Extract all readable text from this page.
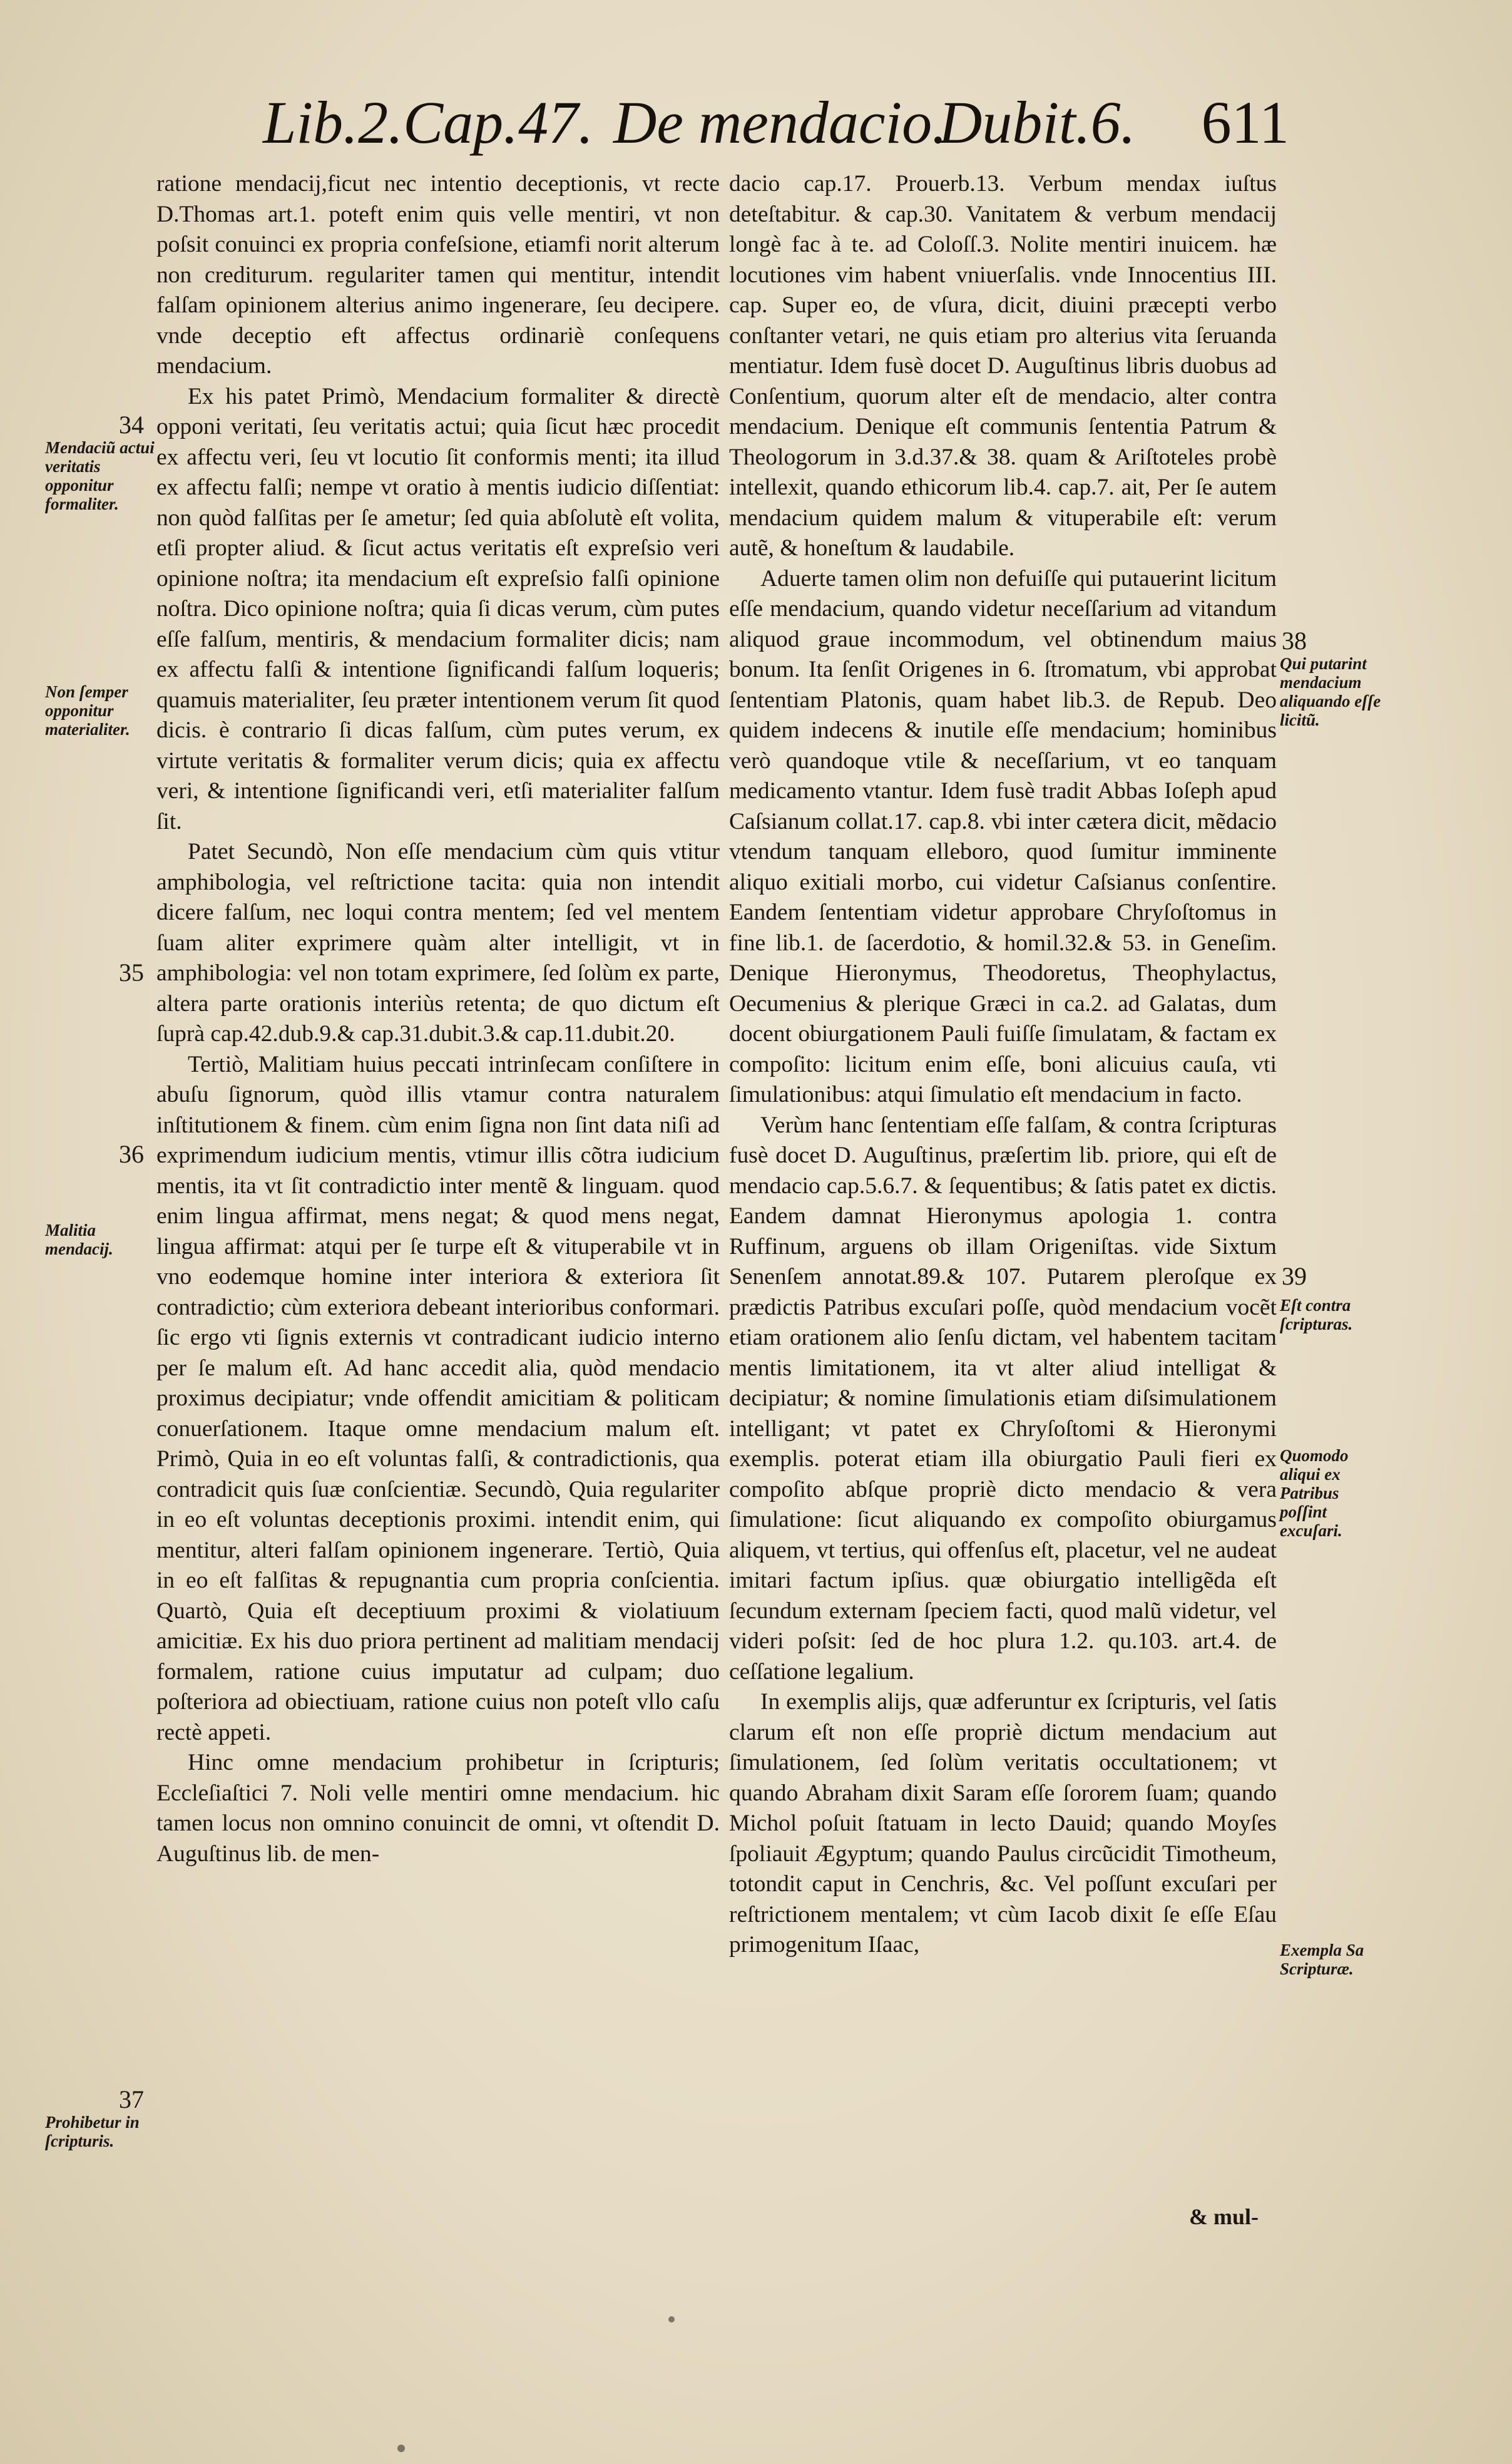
Lib.2.Cap.47. De mendacio.
Dubit.6. 611

ratione mendacij,ficut nec intentio deceptionis, vt recte D.Thomas art.1. poteft enim quis velle mentiri, vt non poſsit conuinci ex propria confeſsione, etiamfi norit alterum non crediturum. regulariter tamen qui mentitur, intendit falſam opinionem alterius animo ingenerare, ſeu decipere. vnde deceptio eft affectus ordinariè conſequens mendacium.

Ex his patet Primò, Mendacium formaliter & directè opponi veritati, ſeu veritatis actui; quia ſicut hæc procedit ex affectu veri, ſeu vt locutio ſit conformis menti; ita illud ex affectu falſi; nempe vt oratio à mentis iudicio diſſentiat: non quòd falſitas per ſe ametur; ſed quia abſolutè eſt volita, etſi propter aliud. & ſicut actus veritatis eſt expreſsio veri opinione noſtra; ita mendacium eſt expreſsio falſi opinione noſtra. Dico opinione noſtra; quia ſi dicas verum, cùm putes eſſe falſum, mentiris, & mendacium formaliter dicis; nam ex affectu falſi & intentione ſignificandi falſum loqueris; quamuis materialiter, ſeu præter intentionem verum ſit quod dicis. è contrario ſi dicas falſum, cùm putes verum, ex virtute veritatis & formaliter verum dicis; quia ex affectu veri, & intentione ſignificandi veri, etſi materialiter falſum ſit.

Patet Secundò, Non eſſe mendacium cùm quis vtitur amphibologia, vel reſtrictione tacita: quia non intendit dicere falſum, nec loqui contra mentem; ſed vel mentem ſuam aliter exprimere quàm alter intelligit, vt in amphibologia: vel non totam exprimere, ſed ſolùm ex parte, altera parte orationis interiùs retenta; de quo dictum eſt ſuprà cap.42.dub.9.& cap.31.dubit.3.& cap.11.dubit.20.

Tertiò, Malitiam huius peccati intrinſecam conſiſtere in abuſu ſignorum, quòd illis vtamur contra naturalem inſtitutionem & finem. cùm enim ſigna non ſint data niſi ad exprimendum iudicium mentis, vtimur illis cõtra iudicium mentis, ita vt ſit contradictio inter mentẽ & linguam. quod enim lingua affirmat, mens negat; & quod mens negat, lingua affirmat: atqui per ſe turpe eſt & vituperabile vt in vno eodemque homine inter interiora & exteriora ſit contradictio; cùm exteriora debeant interioribus conformari. ſic ergo vti ſignis externis vt contradicant iudicio interno per ſe malum eſt. Ad hanc accedit alia, quòd mendacio proximus decipiatur; vnde offendit amicitiam & politicam conuerſationem. Itaque omne mendacium malum eſt. Primò, Quia in eo eſt voluntas falſi, & contradictionis, qua contradicit quis ſuæ conſcientiæ. Secundò, Quia regulariter in eo eſt voluntas deceptionis proximi. intendit enim, qui mentitur, alteri falſam opinionem ingenerare. Tertiò, Quia in eo eſt falſitas & repugnantia cum propria conſcientia. Quartò, Quia eſt deceptiuum proximi & violatiuum amicitiæ. Ex his duo priora pertinent ad malitiam mendacij formalem, ratione cuius imputatur ad culpam; duo poſteriora ad obiectiuam, ratione cuius non poteſt vllo caſu rectè appeti.

Hinc omne mendacium prohibetur in ſcripturis; Eccleſiaſtici 7. Noli velle mentiri omne mendacium. hic tamen locus non omnino conuincit de omni, vt oſtendit D. Auguſtinus lib. de men-

dacio cap.17. Prouerb.13. Verbum mendax iuſtus deteſtabitur. & cap.30. Vanitatem & verbum mendacij longè fac à te. ad Coloſſ.3. Nolite mentiri inuicem. hæ locutiones vim habent vniuerſalis. vnde Innocentius III. cap. Super eo, de vſura, dicit, diuini præcepti verbo conſtanter vetari, ne quis etiam pro alterius vita ſeruanda mentiatur. Idem fusè docet D. Auguſtinus libris duobus ad Conſentium, quorum alter eſt de mendacio, alter contra mendacium. Denique eſt communis ſententia Patrum & Theologorum in 3.d.37.& 38. quam & Ariſtoteles probè intellexit, quando ethicorum lib.4. cap.7. ait, Per ſe autem mendacium quidem malum & vituperabile eſt: verum autẽ, & honeſtum & laudabile.

Aduerte tamen olim non defuiſſe qui putauerint licitum eſſe mendacium, quando videtur neceſſarium ad vitandum aliquod graue incommodum, vel obtinendum maius bonum. Ita ſenſit Origenes in 6. ſtromatum, vbi approbat ſententiam Platonis, quam habet lib.3. de Repub. Deo quidem indecens & inutile eſſe mendacium; hominibus verò quandoque vtile & neceſſarium, vt eo tanquam medicamento vtantur. Idem fusè tradit Abbas Ioſeph apud Caſsianum collat.17. cap.8. vbi inter cætera dicit, mẽdacio vtendum tanquam elleboro, quod ſumitur imminente aliquo exitiali morbo, cui videtur Caſsianus conſentire. Eandem ſententiam videtur approbare Chryſoſtomus in fine lib.1. de ſacerdotio, & homil.32.& 53. in Geneſim. Denique Hieronymus, Theodoretus, Theophylactus, Oecumenius & plerique Græci in ca.2. ad Galatas, dum docent obiurgationem Pauli fuiſſe ſimulatam, & factam ex compoſito: licitum enim eſſe, boni alicuius cauſa, vti ſimulationibus: atqui ſimulatio eſt mendacium in facto.

Verùm hanc ſententiam eſſe falſam, & contra ſcripturas fusè docet D. Auguſtinus, præſertim lib. priore, qui eſt de mendacio cap.5.6.7. & ſequentibus; & ſatis patet ex dictis. Eandem damnat Hieronymus apologia 1. contra Ruffinum, arguens ob illam Origeniſtas. vide Sixtum Senenſem annotat.89.& 107. Putarem pleroſque ex prædictis Patribus excuſari poſſe, quòd mendacium vocẽt etiam orationem alio ſenſu dictam, vel habentem tacitam mentis limitationem, ita vt alter aliud intelligat & decipiatur; & nomine ſimulationis etiam diſsimulationem intelligant; vt patet ex Chryſoſtomi & Hieronymi exemplis. poterat etiam illa obiurgatio Pauli fieri ex compoſito abſque propriè dicto mendacio & vera ſimulatione: ſicut aliquando ex compoſito obiurgamus aliquem, vt tertius, qui offenſus eſt, placetur, vel ne audeat imitari factum ipſius. quæ obiurgatio intelligẽda eſt ſecundum externam ſpeciem facti, quod malũ videtur, vel videri poſsit: ſed de hoc plura 1.2. qu.103. art.4. de ceſſatione legalium.

In exemplis alijs, quæ adferuntur ex ſcripturis, vel ſatis clarum eſt non eſſe propriè dictum mendacium aut ſimulationem, ſed ſolùm veritatis occultationem; vt quando Abraham dixit Saram eſſe ſororem ſuam; quando Michol poſuit ſtatuam in lecto Dauid; quando Moyſes ſpoliauit Ægyptum; quando Paulus circũcidit Timotheum, totondit caput in Cenchris, &c. Vel poſſunt excuſari per reſtrictionem mentalem; vt cùm Iacob dixit ſe eſſe Eſau primogenitum Iſaac,

34
Mendaciũ actui veritatis opponitur formaliter.
Non ſemper opponitur materialiter.
35
36
Malitia mendacij.
37
Prohibetur in ſcripturis.
38
Qui putarint mendacium aliquando eſſe licitũ.
39
Eſt contra ſcripturas.
Quomodo aliqui ex Patribus poſſint excuſari.
Exempla Sa Scripturæ.
& mul-
